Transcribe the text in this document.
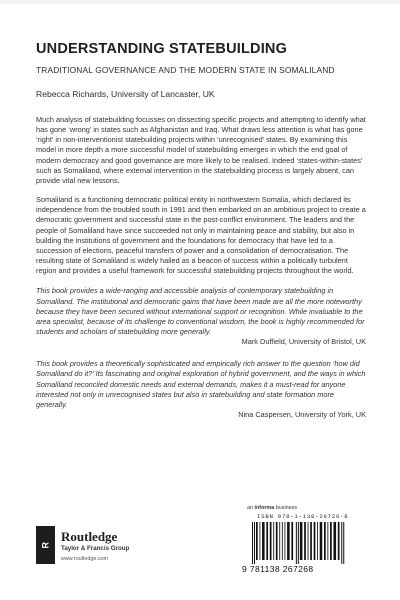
UNDERSTANDING STATEBUILDING
TRADITIONAL GOVERNANCE AND THE MODERN STATE IN SOMALILAND
Rebecca Richards, University of Lancaster, UK

Much analysis of statebuilding focusses on dissecting specific projects and attempting to identify what has gone ‘wrong’ in states such as Afghanistan and Iraq. What draws less attention is what has gone ‘right’ in non-interventionist statebuilding projects within ‘unrecognised’ states. By examining this model in more depth a more successful model of statebuilding emerges in which the end goal of modern democracy and good governance are more likely to be realised. Indeed ‘states-within-states’ such as Somaliland, where external intervention in the statebuilding process is largely absent, can provide vital new lessons.

Somaliland is a functioning democratic political entity in northwestern Somalia, which declared its independence from the troubled south in 1991 and then embarked on an ambitious project to create a democratic government and successful state in the post-conflict environment. The leaders and the people of Somaliland have since succeeded not only in maintaining peace and stability, but also in building the institutions of government and the foundations for democracy that have led to a succession of elections, peaceful transfers of power and a consolidation of democratisation. The resulting state of Somaliland is widely hailed as a beacon of success within a politically turbulent region and provides a useful framework for successful statebuilding projects throughout the world.

This book provides a wide-ranging and accessible analysis of contemporary statebuilding in Somaliland. The institutional and democratic gains that have been made are all the more noteworthy because they have been secured without international support or recognition. While invaluable to the area specialist, because of its challenge to conventional wisdom, the book is highly recommended for students and scholars of statebuilding more generally.

Mark Duffield, University of Bristol, UK

This book provides a theoretically sophisticated and empirically rich answer to the question ‘how did Somaliland do it?’ Its fascinating and original exploration of hybrid government, and the ways in which Somaliland reconciled domestic needs and external demands, makes it a must-read for anyone interested not only in unrecognised states but also in statebuilding and state formation more generally.

Nina Caspersen, University of York, UK

R
Routledge
Taylor & Francis Group
www.routledge.com
an informa business
ISBN 978-1-138-26726-8
9 781138 267268
